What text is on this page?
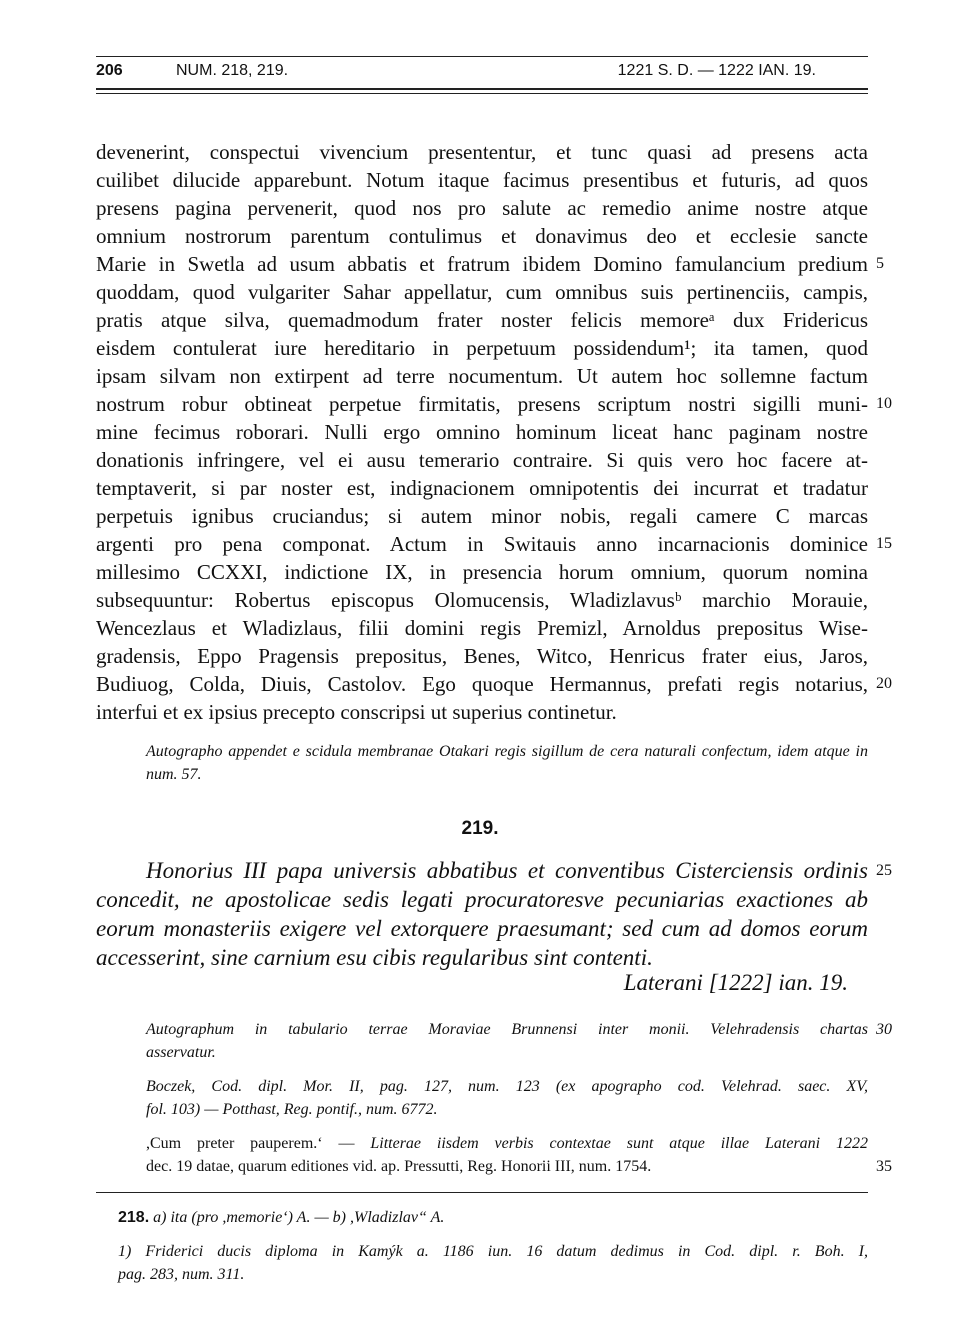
206	NUM. 218, 219.	1221 S. D. — 1222 IAN. 19.
devenerint, conspectui vivencium presententur, et tunc quasi ad presens acta
cuilibet dilucide apparebunt. Notum itaque facimus presentibus et futuris, ad quos
presens pagina pervenerit, quod nos pro salute ac remedio anime nostre atque
omnium nostrorum parentum contulimus et donavimus deo et ecclesie sancte
Marie in Swetla ad usum abbatis et fratrum ibidem Domino famulancium predium 5
quoddam, quod vulgariter Sahar appellatur, cum omnibus suis pertinenciis, campis,
pratis atque silva, quemadmodum frater noster felicis memoreᵃ dux Fridericus
eisdem contulerat iure hereditario in perpetuum possidendum¹; ita tamen, quod
ipsam silvam non extirpent ad terre nocumentum. Ut autem hoc sollemne factum
nostrum robur obtineat perpetue firmitatis, presens scriptum nostri sigilli muni- 10
mine fecimus roborari. Nulli ergo omnino hominum liceat hanc paginam nostre
donationis infringere, vel ei ausu temerario contraire. Si quis vero hoc facere at-
temptaverit, si par noster est, indignacionem omnipotentis dei incurrat et tradatur
perpetuis ignibus cruciandus; si autem minor nobis, regali camere C marcas
argenti pro pena componat. Actum in Switauis anno incarnacionis dominice 15
millesimo CCXXI, indictione IX, in presencia horum omnium, quorum nomina
subsequuntur: Robertus episcopus Olomucensis, Wladizlavusᵇ marchio Morauie,
Wencezlaus et Wladizlaus, filii domini regis Premizl, Arnoldus prepositus Wise-
gradensis, Eppo Pragensis prepositus, Benes, Witco, Henricus frater eius, Jaros,
Budiuog, Colda, Diuis, Castolov. Ego quoque Hermannus, prefati regis notarius, 20
interfui et ex ipsius precepto conscripsi ut superius continetur.
Autographo appendet e scidula membranae Otakari regis sigillum de cera naturali confectum, idem atque in num. 57.
219.
Honorius III papa universis abbatibus et conventibus Cisterciensis ordinis 25
concedit, ne apostolicae sedis legati procuratoresve pecuniarias exactiones ab
eorum monasteriis exigere vel extorquere praesumant; sed cum ad domos eorum
accesserint, sine carnium esu cibis regularibus sint contenti.
Laterani [1222] ian. 19.
Autographum in tabulario terrae Moraviae Brunnensi inter monii. Velehradensis chartas 30
asservatur.
Boczek, Cod. dipl. Mor. II, pag. 127, num. 123 (ex apographo cod. Velehrad. saec. XV,
fol. 103) — Potthast, Reg. pontif., num. 6772.
,Cum preter pauperem.‘ — Litterae iisdem verbis contextae sunt atque illae Laterani 1222
dec. 19 datae, quarum editiones vid. ap. Pressutti, Reg. Honorii III, num. 1754.	35
218. a) ita (pro ,memorie‘) A. — b) ,Wladizlav“ A.
1) Friderici ducis diploma in Kamýk a. 1186 iun. 16 datum dedimus in Cod. dipl. r. Boh. I,
pag. 283, num. 311.
